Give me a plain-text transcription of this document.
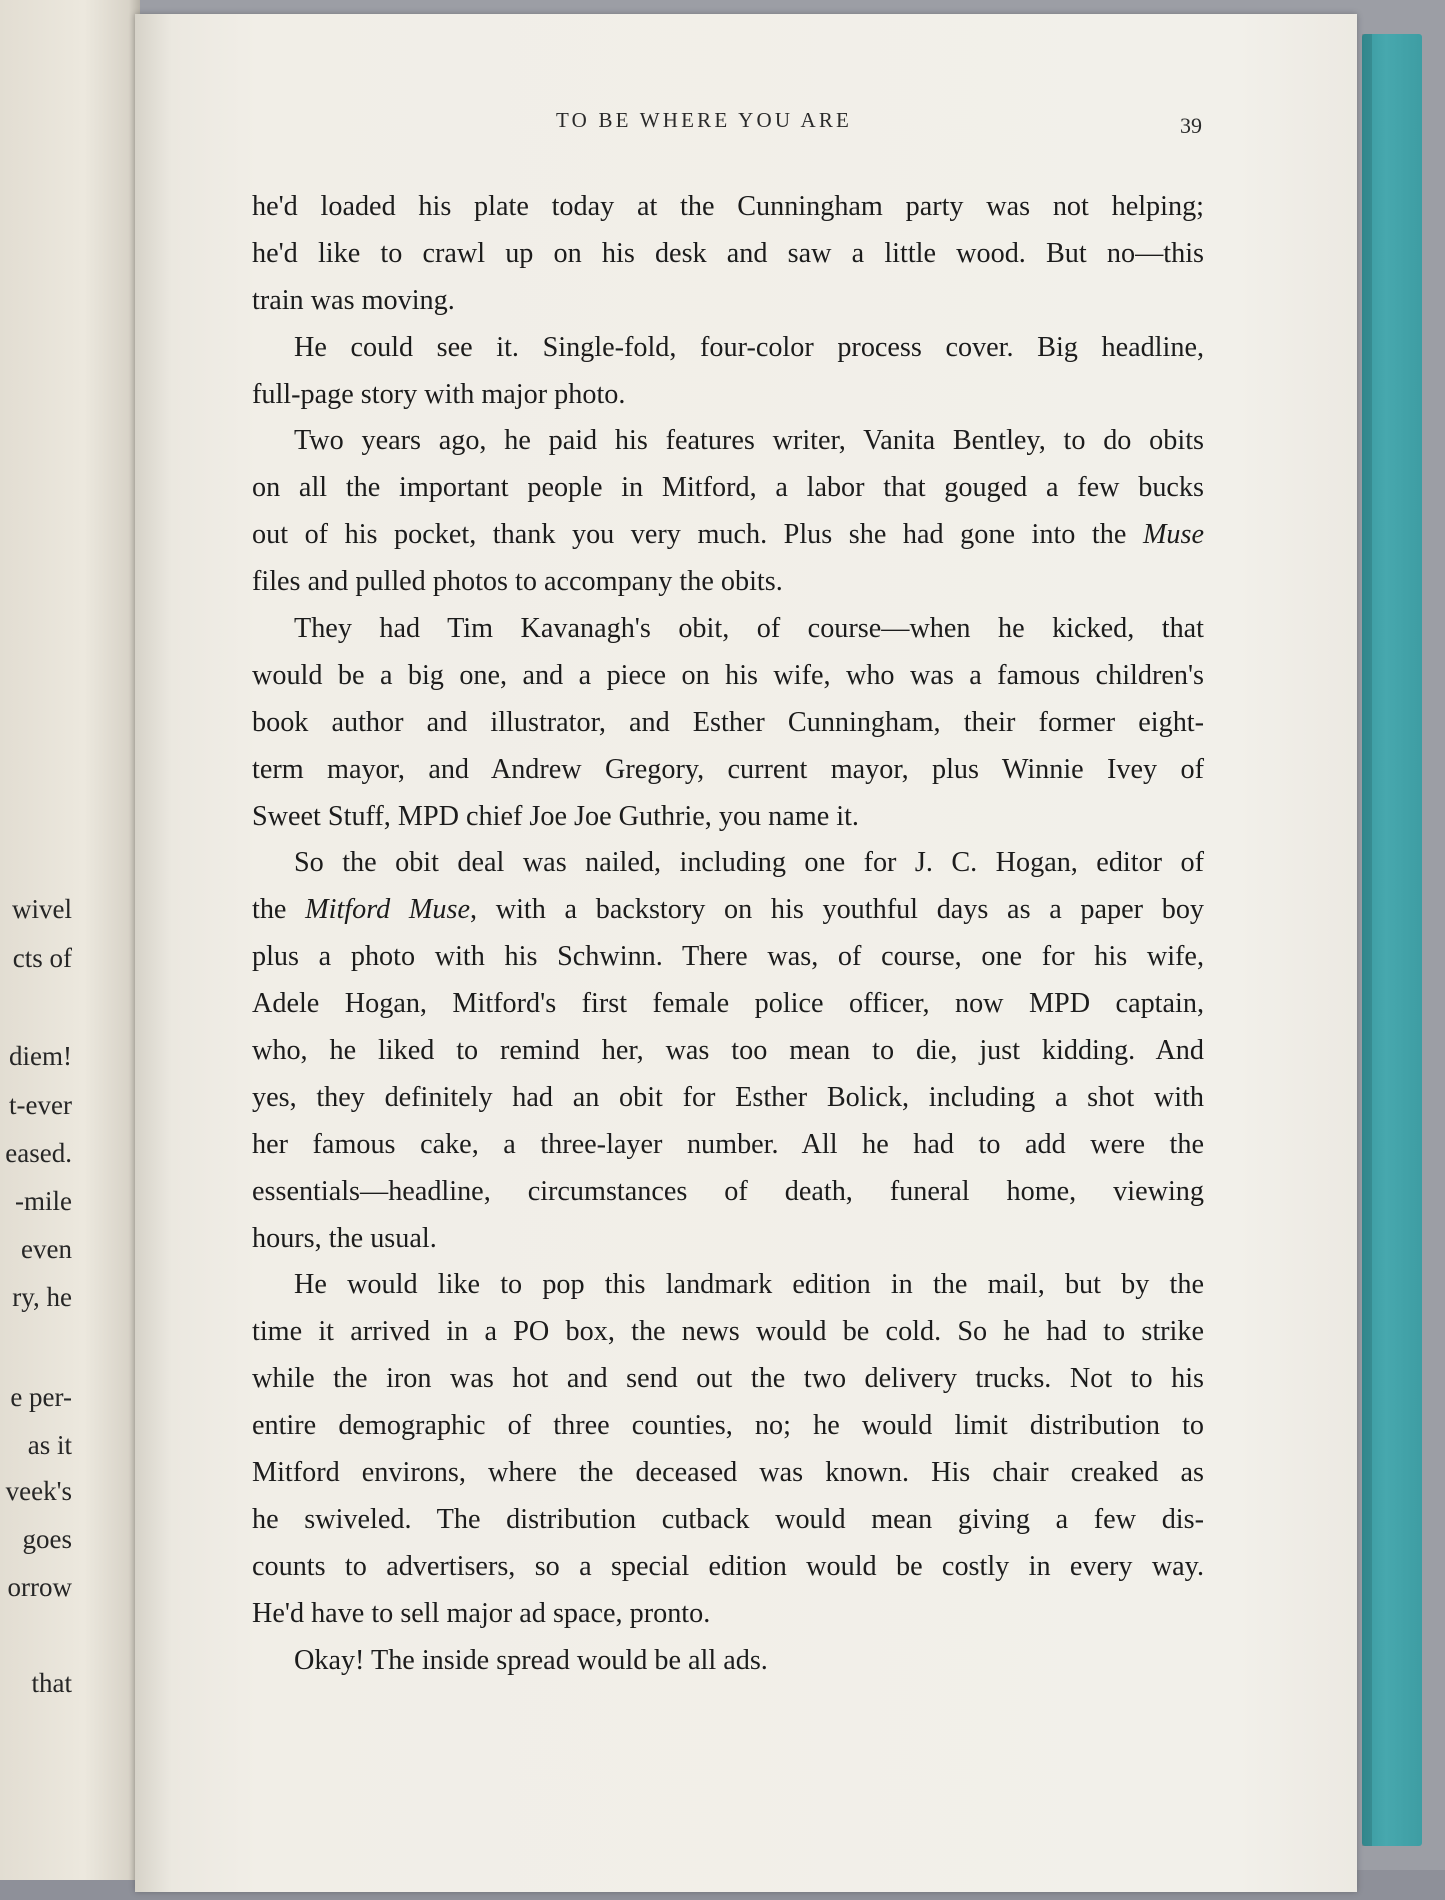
wivel

cts of

diem!

t-ever

eased.

-mile

even

ry, he

e per-

as it

veek's

goes

orrow

that

TO BE WHERE YOU ARE	39

he'd loaded his plate today at the Cunningham party was not helping;

he'd like to crawl up on his desk and saw a little wood. But no—this

train was moving.

He could see it. Single-fold, four-color process cover. Big headline,

full-page story with major photo.

Two years ago, he paid his features writer, Vanita Bentley, to do obits

on all the important people in Mitford, a labor that gouged a few bucks

out of his pocket, thank you very much. Plus she had gone into the Muse

files and pulled photos to accompany the obits.

They had Tim Kavanagh's obit, of course—when he kicked, that

would be a big one, and a piece on his wife, who was a famous children's

book author and illustrator, and Esther Cunningham, their former eight-

term mayor, and Andrew Gregory, current mayor, plus Winnie Ivey of

Sweet Stuff, MPD chief Joe Joe Guthrie, you name it.

So the obit deal was nailed, including one for J. C. Hogan, editor of

the Mitford Muse, with a backstory on his youthful days as a paper boy

plus a photo with his Schwinn. There was, of course, one for his wife,

Adele Hogan, Mitford's first female police officer, now MPD captain,

who, he liked to remind her, was too mean to die, just kidding. And

yes, they definitely had an obit for Esther Bolick, including a shot with

her famous cake, a three-layer number. All he had to add were the

essentials—headline, circumstances of death, funeral home, viewing

hours, the usual.

He would like to pop this landmark edition in the mail, but by the

time it arrived in a PO box, the news would be cold. So he had to strike

while the iron was hot and send out the two delivery trucks. Not to his

entire demographic of three counties, no; he would limit distribution to

Mitford environs, where the deceased was known. His chair creaked as

he swiveled. The distribution cutback would mean giving a few dis-

counts to advertisers, so a special edition would be costly in every way.

He'd have to sell major ad space, pronto.

Okay! The inside spread would be all ads.
